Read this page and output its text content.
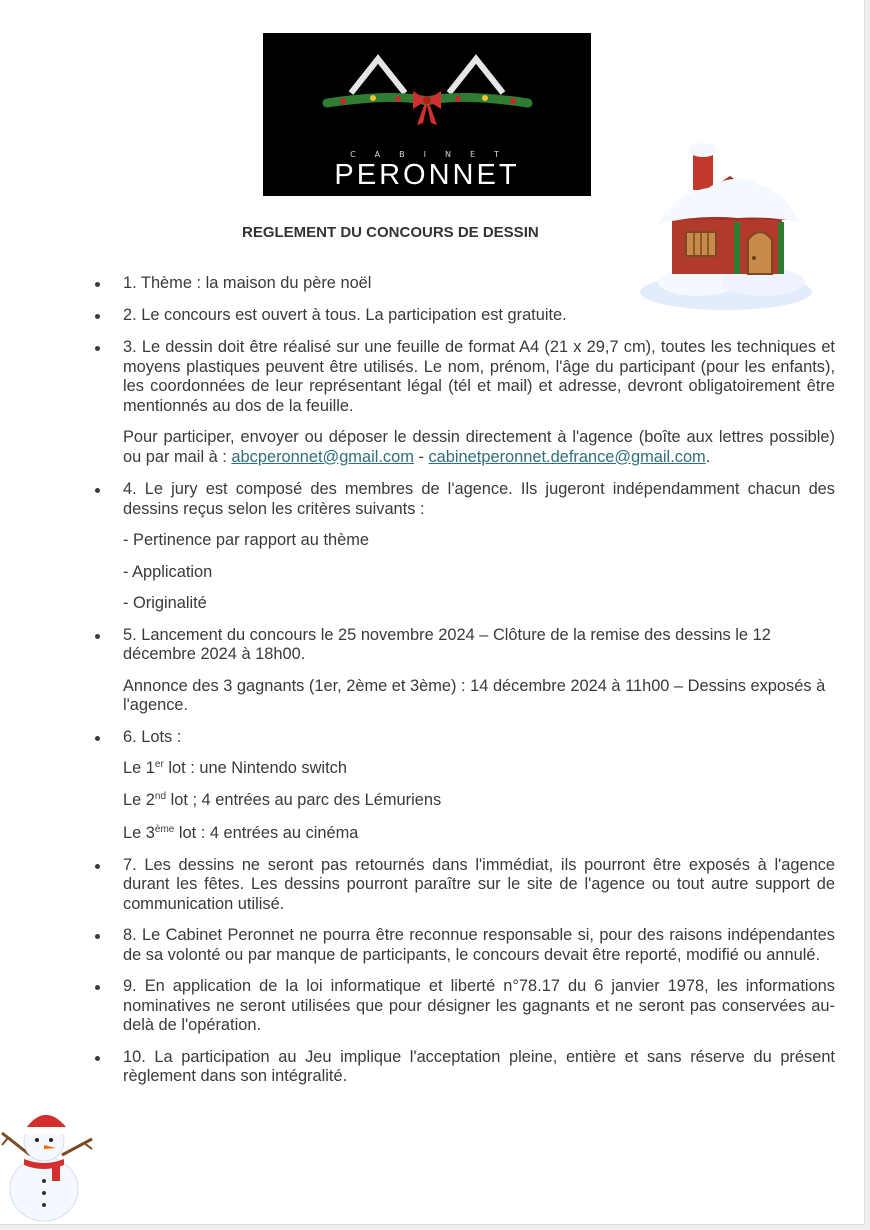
CABINET
PERONNET
EXPERTISE ET TRANSACTION IMMOBILIÈRES
REGLEMENT DU CONCOURS DE DESSIN
1. Thème : la maison du père noël
2. Le concours est ouvert à tous. La participation est gratuite.
3. Le dessin doit être réalisé sur une feuille de format A4 (21 x 29,7 cm), toutes les techniques et moyens plastiques peuvent être utilisés. Le nom, prénom, l'âge du participant (pour les enfants), les coordonnées de leur représentant légal (tél et mail) et adresse, devront obligatoirement être mentionnés au dos de la feuille.
Pour participer, envoyer ou déposer le dessin directement à l'agence (boîte aux lettres possible) ou par mail à : abcperonnet@gmail.com - cabinetperonnet.defrance@gmail.com.
4. Le jury est composé des membres de l'agence. Ils jugeront indépendamment chacun des dessins reçus selon les critères suivants :
- Pertinence par rapport au thème
- Application
- Originalité
5. Lancement du concours le 25 novembre 2024 – Clôture de la remise des dessins le 12 décembre 2024 à 18h00.
Annonce des 3 gagnants (1er, 2ème et 3ème) : 14 décembre 2024 à 11h00 – Dessins exposés à l'agence.
6. Lots :
Le 1er lot : une Nintendo switch
Le 2nd lot ; 4 entrées au parc des Lémuriens
Le 3ème lot : 4 entrées au cinéma
7. Les dessins ne seront pas retournés dans l'immédiat, ils pourront être exposés à l'agence durant les fêtes. Les dessins pourront paraître sur le site de l'agence ou tout autre support de communication utilisé.
8. Le Cabinet Peronnet ne pourra être reconnue responsable si, pour des raisons indépendantes de sa volonté ou par manque de participants, le concours devait être reporté, modifié ou annulé.
9. En application de la loi informatique et liberté n°78.17 du 6 janvier 1978, les informations nominatives ne seront utilisées que pour désigner les gagnants et ne seront pas conservées au-delà de l'opération.
10. La participation au Jeu implique l'acceptation pleine, entière et sans réserve du présent règlement dans son intégralité.
